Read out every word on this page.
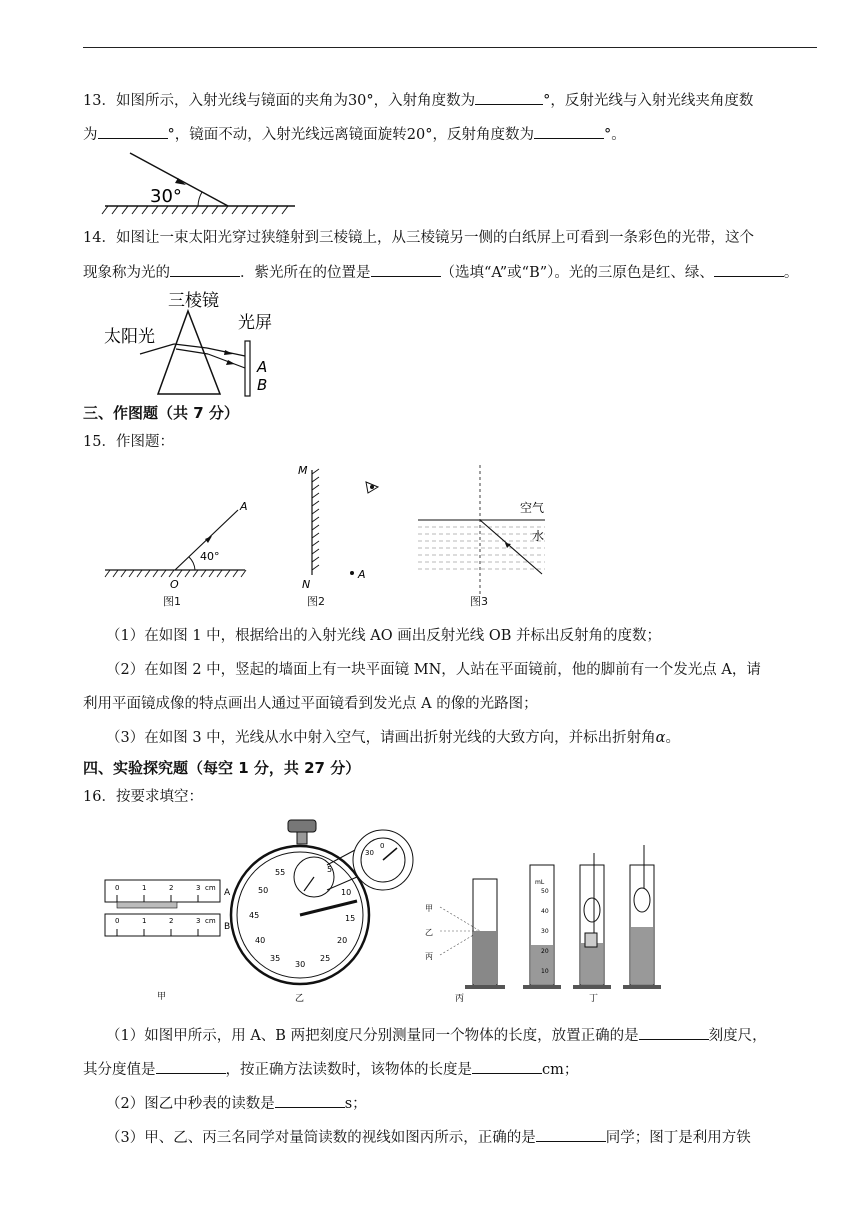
13．如图所示，入射光线与镜面的夹角为30°，入射角度数为	°，反射光线与入射光线夹角度数
为	°，镜面不动，入射光线远离镜面旋转20°，反射角度数为	°。
30°
14．如图让一束太阳光穿过狭缝射到三棱镜上，从三棱镜另一侧的白纸屏上可看到一条彩色的光带，这个
现象称为光的	．紫光所在的位置是	（选填“A”或“B”）。光的三原色是红、绿、	。
三棱镜
太阳光
光屏
A
B
三、作图题（共 7 分）
15．作图题：
A
40°
O
M
N
A
空气
水
图1	图2	图3
（1）在如图 1 中，根据给出的入射光线 AO 画出反射光线 OB 并标出反射角的度数；
（2）在如图 2 中，竖起的墙面上有一块平面镜 MN，人站在平面镜前，他的脚前有一个发光点 A，请
利用平面镜成像的特点画出人通过平面镜看到发光点 A 的像的光路图；
（3）在如图 3 中，光线从水中射入空气，请画出折射光线的大致方向，并标出折射角α。
四、实验探究题（每空 1 分，共 27 分）
16．按要求填空：
0	1	2	3 cm
0	1	2	3 cm
A
B
55
50
45
40
35
30
25
20
15
10
5
0
30
甲
乙
丙
mL
50
40
30
20
10
甲	乙	丙	丁
（1）如图甲所示，用 A、B 两把刻度尺分别测量同一个物体的长度，放置正确的是	刻度尺，
其分度值是	，按正确方法读数时，该物体的长度是	cm；
（2）图乙中秒表的读数是	s；
（3）甲、乙、丙三名同学对量筒读数的视线如图丙所示，正确的是	同学；图丁是利用方铁
